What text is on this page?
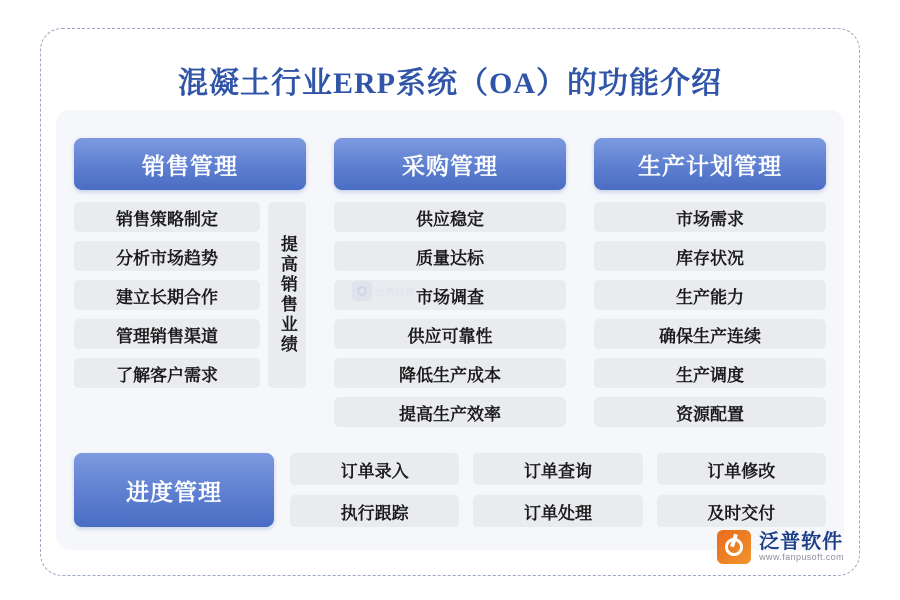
混凝土行业ERP系统（OA）的功能介绍
销售管理
销售策略制定
分析市场趋势
建立长期合作
管理销售渠道
了解客户需求
提高销售业绩
采购管理
供应稳定
质量达标
市场调查
供应可靠性
降低生产成本
提高生产效率
生产计划管理
市场需求
库存状况
生产能力
确保生产连续
生产调度
资源配置
进度管理
订单录入	订单查询	订单修改
执行跟踪	订单处理	及时交付
泛普软件
泛普软件
www.fanpusoft.com
